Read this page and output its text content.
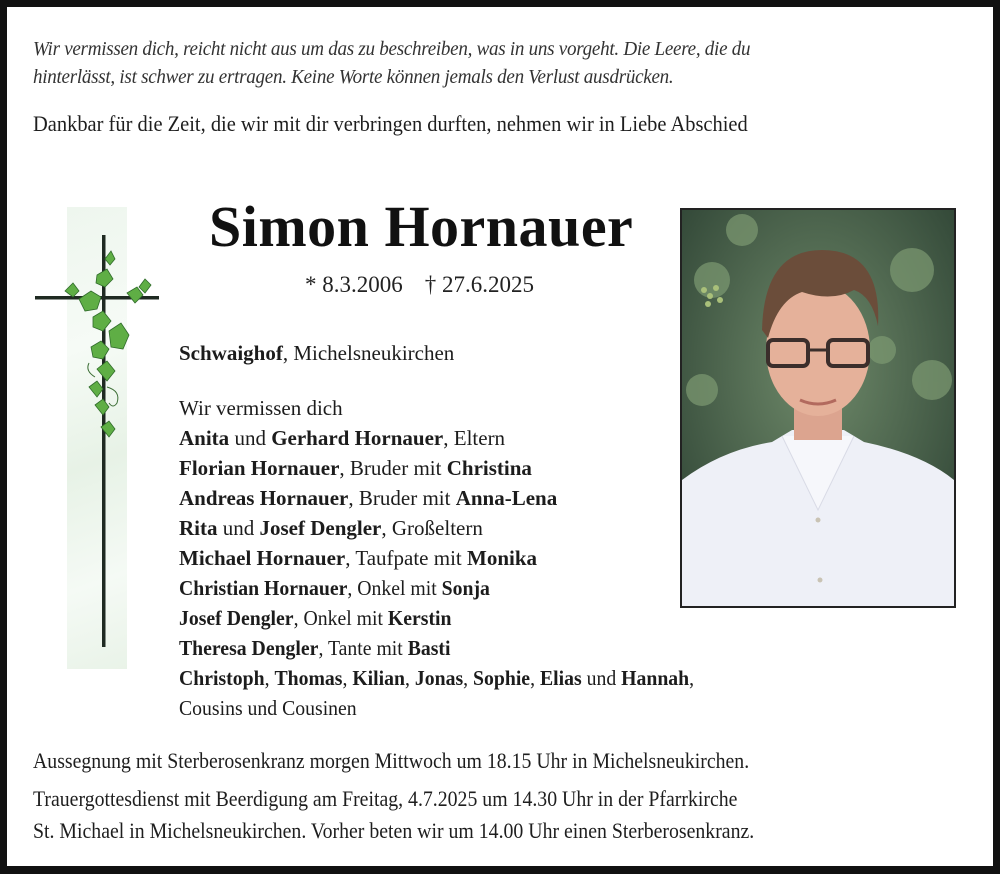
Wir vermissen dich, reicht nicht aus um das zu beschreiben, was in uns vorgeht. Die Leere, die du
hinterlässt, ist schwer zu ertragen. Keine Worte können jemals den Verlust ausdrücken.
Dankbar für die Zeit, die wir mit dir verbringen durften, nehmen wir in Liebe Abschied
Simon Hornauer
* 8.3.2006 † 27.6.2025
Schwaighof, Michelsneukirchen
Wir vermissen dich
Anita und Gerhard Hornauer, Eltern
Florian Hornauer, Bruder mit Christina
Andreas Hornauer, Bruder mit Anna-Lena
Rita und Josef Dengler, Großeltern
Michael Hornauer, Taufpate mit Monika
Christian Hornauer, Onkel mit Sonja
Josef Dengler, Onkel mit Kerstin
Theresa Dengler, Tante mit Basti
Christoph, Thomas, Kilian, Jonas, Sophie, Elias und Hannah,
Cousins und Cousinen
Aussegnung mit Sterberosenkranz morgen Mittwoch um 18.15 Uhr in Michelsneukirchen.
Trauergottesdienst mit Beerdigung am Freitag, 4.7.2025 um 14.30 Uhr in der Pfarrkirche
St. Michael in Michelsneukirchen. Vorher beten wir um 14.00 Uhr einen Sterberosenkranz.
